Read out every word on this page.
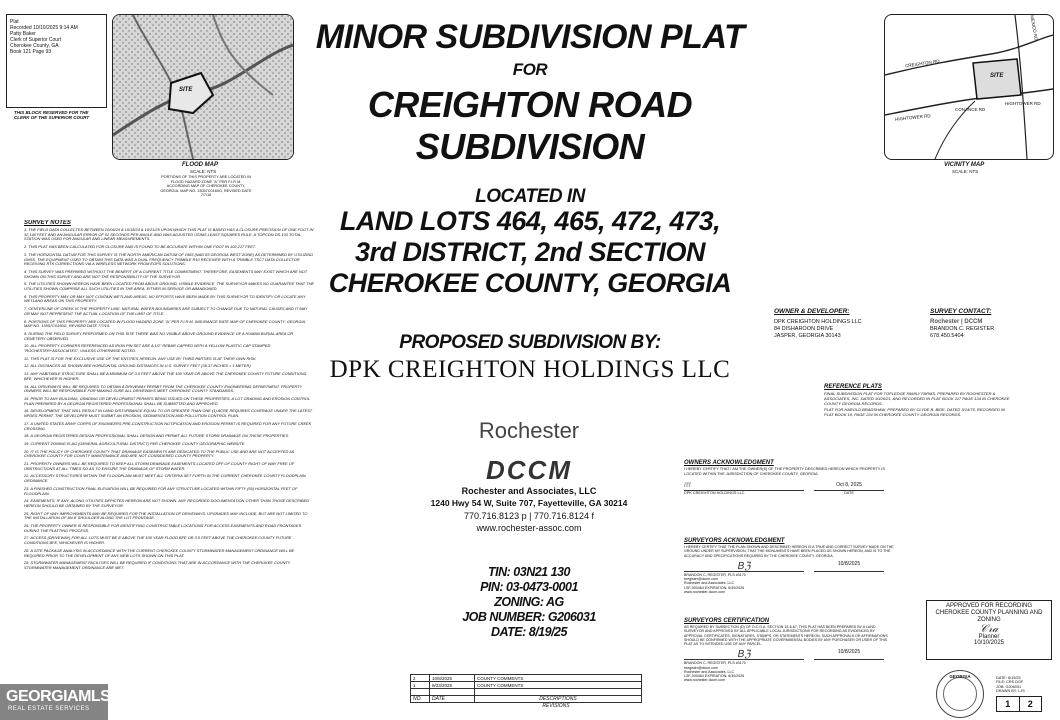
Plat
Recorded 10/10/2025 9:14 AM
Patty Baker
Clerk of Superior Court
Cherokee County, GA
Book 121 Page 93
THIS BLOCK RESERVED FOR THE CLERK OF THE SUPERIOR COURT
SITE
FLOOD MAP
SCALE: NTS
PORTIONS OF THIS PROPERTY ARE LOCATED IN FLOOD HAZARD ZONE "A" PER F.I.R.M. ACCORDING MAP OF CHEROKEE COUNTY, GEORGIA. MAP NO. 13057C0160G, REVISED DATE 7/7/16
MINOR SUBDIVISION PLAT
FOR
CREIGHTON ROAD
SUBDIVISION
LOCATED IN
LAND LOTS 464, 465, 472, 473,
3rd DISTRICT, 2nd SECTION
CHEROKEE COUNTY, GEORGIA
PROPOSED SUBDIVISION BY:
DPK CREIGHTON HOLDINGS LLC
SITE
CREIGHTON RD
HIGHTOWER RD
CONANCE RD
HIGHTOWER RD
MEXICO RD
VICINITY MAP
SCALE: NTS
SURVEY NOTES
1. THE FIELD DATA COLLECTED BETWEEN 10/04/24 & 10/18/24 & 10/21/25 UPON WHICH THIS PLAT IS BASED HAS A CLOSURE PRECISION OF ONE FOOT IN 32,140 FEET AND AN ANGULAR ERROR OF 02 SECONDS PER ANGLE AND WAS ADJUSTED USING LEAST SQUARES RULE. A TOPCON DS-103 TOTAL STATION WAS USED FOR ANGULAR AND LINEAR MEASUREMENTS.
2. THIS PLAT HAS BEEN CALCULATED FOR CLOSURE AND IS FOUND TO BE ACCURATE WITHIN ONE FOOT IN 102,217 FEET.
3. THE HORIZONTAL DATUM FOR THIS SURVEY IS THE NORTH AMERICAN DATUM OF 1983 (NAD 83 GEORGIA WEST ZONE) AS DETERMINED BY UTILIZING GNSS. THE EQUIPMENT USED TO OBTAIN THIS DATA WAS A DUAL FREQUENCY TRIMBLE R10 RECEIVER WITH A TRIMBLE TSC7 DATA COLLECTOR RECEIVING RTK CORRECTIONS VIA A WIRELESS NETWORK FROM EGPS SOLUTIONS.
4. THIS SURVEY WAS PREPARED WITHOUT THE BENEFIT OF A CURRENT TITLE COMMITMENT. THEREFORE, EASEMENTS MAY EXIST WHICH ARE NOT SHOWN ON THIS SURVEY AND ARE NOT THE RESPONSIBILITY OF THE SURVEYOR.
5. THE UTILITIES SHOWN HEREON HAVE BEEN LOCATED FROM ABOVE GROUND, VISIBLE EVIDENCE. THE SURVEYOR MAKES NO GUARANTEE THAT THE UTILITIES SHOWN COMPRISE ALL SUCH UTILITIES IN THE AREA, EITHER IN SERVICE OR ABANDONED.
6. THIS PROPERTY MAY OR MAY NOT CONTAIN WETLAND AREAS. NO EFFORTS HAVE BEEN MADE BY THIS SURVEYOR TO IDENTIFY OR LOCATE ANY WETLAND AREAS ON THIS PROPERTY.
7. CENTERLINE OF CREEK IS THE PROPERTY LINE. NATURAL WATER BOUNDARIES ARE SUBJECT TO CHANGE DUE TO NATURAL CAUSES AND IT MAY OR MAY NOT REPRESENT THE ACTUAL LOCATION OF THE LIMIT OF TITLE.
8. PORTIONS OF THIS PROPERTY ARE LOCATED IN FLOOD HAZARD ZONE "A" PER F.I.R.M. INSURANCE RATE MAP OF CHEROKEE COUNTY, GEORGIA. MAP NO. 13057C0160G, REVISED DATE 7/7/16.
9. DURING THE FIELD SURVEY PERFORMED ON THIS SITE THERE WAS NO VISIBLE ABOVE GROUND EVIDENCE OF A HUMAN BURIAL AREA OR CEMETERY OBSERVED.
10. ALL PROPERTY CORNERS REFERENCED AS IRON PIN SET ARE A 1/2" REBAR CAPPED WITH A YELLOW PLASTIC CAP STAMPED "ROCHESTER+ASSOCIATES", UNLESS OTHERWISE NOTED.
11. THIS PLAT IS FOR THE EXCLUSIVE USE OF THE ENTITIES HEREON. ANY USE BY THIRD PARTIES IS AT THEIR OWN RISK.
12. ALL DISTANCES AS SHOWN ARE HORIZONTAL GROUND DISTANCES IN U.S. SURVEY FEET (39.37 INCHES = 1 METER).
13. ANY HABITABLE STRUCTURE SHALL BE A MINIMUM OF 3.0 FEET ABOVE THE 100 YEAR OR ABOVE THE CHEROKEE COUNTY FUTURE CONDITIONS BFE, WHICHEVER IS HIGHER.
14. ALL DRIVEWAYS WILL BE REQUIRED TO OBTAIN A DRIVEWAY PERMIT FROM THE CHEROKEE COUNTY ENGINEERING DEPARTMENT. PROPERTY OWNERS WILL BE RESPONSIBLE FOR MAKING SURE ALL DRIVEWAYS MEET CHEROKEE COUNTY STANDARDS.
15. PRIOR TO ANY BUILDING, GRADING OR DEVELOPMENT PERMITS BEING ISSUED ON THESE PROPERTIES, A LOT GRADING AND EROSION CONTROL PLAN PREPARED BY A GEORGIA REGISTERED PROFESSIONAL SHALL BE SUBMITTED AND APPROVED.
16. DEVELOPMENT THAT WILL RESULT IN LAND DISTURBANCE EQUAL TO OR GREATER THAN ONE (1) ACRE REQUIRES COVERAGE UNDER THE LATEST NPDES PERMIT. THE DEVELOPER MUST SUBMIT AN EROSION, SEDIMENTATION AND POLLUTION CONTROL PLAN.
17. A UNITED STATES ARMY CORPS OF ENGINEERS PRE-CONSTRUCTION NOTIFICATION AND EROSION PERMIT IS REQUIRED FOR ANY FUTURE CREEK CROSSING.
18. A GEORGIA REGISTERED DESIGN PROFESSIONAL SHALL DESIGN AND PERMIT ALL FUTURE STORM DRAINAGE ON THESE PROPERTIES.
19. CURRENT ZONING IS AG (GENERAL AGRICULTURAL DISTRICT) PER CHEROKEE COUNTY GEOGRAPHIC WEBSITE.
20. IT IS THE POLICY OF CHEROKEE COUNTY THAT DRAINAGE EASEMENTS ARE DEDICATED TO THE PUBLIC USE AND ARE NOT ACCEPTED AS CHEROKEE COUNTY FOR COUNTY MAINTENANCE AND ARE NOT CONSIDERED COUNTY PROPERTY.
21. PROPERTY OWNERS WILL BE REQUIRED TO KEEP ALL STORM DRAINAGE EASEMENTS LOCATED OFF OF COUNTY RIGHT OF WAY FREE OF OBSTRUCTIONS AT ALL TIMES SO AS TO ENSURE THE DRAINAGE OF STORM WATER.
22. ACCESSORY STRUCTURES WITHIN THE FLOODPLAIN MUST MEET ALL CRITERIA SET FORTH IN THE CURRENT CHEROKEE COUNTY FLOODPLAIN ORDINANCE.
23. A FINISHED CONSTRUCTION FINAL ELEVATION WILL BE REQUIRED FOR ANY STRUCTURE LOCATED WITHIN FIFTY (50) HORIZONTAL FEET OF FLOODPLAIN.
24. EASEMENTS, IF ANY, ALONG UTILITIES DEPICTED HEREON ARE NOT SHOWN. ANY RECORDED DOCUMENTATION OTHER THAN THOSE DESCRIBED HEREON SHOULD BE OBTAINED BY THE SURVEYOR.
25. RIGHT OF WAY IMPROVEMENTS MAY BE REQUIRED FOR THE INSTALLATION OF DRIVEWAYS. UPGRADES MAY INCLUDE, BUT ARE NOT LIMITED TO THE INSTALLATION OF AN 8' SHOULDER ALONG THE LOT FRONTAGE.
26. THE PROPERTY OWNER IS RESPONSIBLE FOR IDENTIFYING CONSTRUCTABLE LOCATIONS FOR ACCESS EASEMENTS AND ROAD FRONTAGES DURING THE PLATTING PROCESS.
27. ACCESS (DRIVEWAY) FOR ALL LOTS MUST BE 8' ABOVE THE 100 YEAR FLOOD BFE OR 3.0 FEET ABOVE THE CHEROKEE COUNTY FUTURE CONDITIONS BFE, WHICHEVER IS HIGHER.
28. A SITE PACKAGE ANALYSIS IN ACCORDANCE WITH THE CURRENT CHEROKEE COUNTY STORMWATER MANAGEMENT ORDINANCE WILL BE REQUIRED PRIOR TO THE DEVELOPMENT OF ANY NEW LOTS SHOWN ON THIS PLAT.
29. STORMWATER MANAGEMENT FACILITIES WILL BE REQUIRED IF CONDITIONS THAT ARE IN ACCORDANCE WITH THE CHEROKEE COUNTY STORMWATER MANAGEMENT ORDINANCE ARE MET.
OWNER & DEVELOPER:
DPK CREIGHTON HOLDINGS LLC
84 DISHAROON DRIVE
JASPER, GEORGIA 30143
SURVEY CONTACT:
Rochester | DCCM
BRANDON C. REGISTER
678.450.5404
REFERENCE PLATS
FINAL SUBDIVISION PLAT FOR TOPLEDGE FAMILY FARMS, PREPARED BY ROCHESTER & ASSOCIATES, INC. DATED 10/26/21, AND RECORDED IN PLAT BOOK 117 PAGE 134 IN CHEROKEE COUNTY GEORGIA RECORDS.
PLAT FOR HAROLD BRADSHAW, PREPARED BY CLYDE B. BIDE, DATED 3/14/75, RECORDED IN PLAT BOOK 10, PAGE 224 IN CHEROKEE COUNTY GEORGIA RECORDS.
Rochester
DCCM
Rochester and Associates, LLC
1240 Hwy 54 W, Suite 707, Fayetteville, GA 30214
770.716.8123 p | 770.716.8124 f
www.rochester-assoc.com
TIN: 03N21 130
PIN: 03-0473-0001
ZONING: AG
JOB NUMBER: G206031
DATE: 8/19/25
OWNERS ACKNOWLEDGMENT
I HEREBY CERTIFY THAT I AM THE OWNER(S) OF THE PROPERTY DESCRIBED HEREON WHICH PROPERTY IS LOCATED WITHIN THE JURISDICTION OF CHEROKEE COUNTY, GEORGIA.
ℓℓℓ	Oct 8, 2025
DPK CREIGHTON HOLDINGS LLC	DATE
SURVEYORS ACKNOWLEDGMENT
I HEREBY CERTIFY THAT THE PLAN SHOWN AND DESCRIBED HEREON IS A TRUE AND CORRECT SURVEY MADE ON THE GROUND UNDER MY SUPERVISION, THAT THE MONUMENTS HAVE BEEN PLACED AS SHOWN HEREON, AND IS TO THE ACCURACY AND SPECIFICATIONS REQUIRED BY THE CHEROKEE COUNTY, GEORGIA.
Bℨ	10/8/2025
BRANDON C. REGISTER, PLS #3170
bregister@dccm.com
Rochester and Associates, LLC
LSF-000464 EXPIRATION: 6/30/2026
www.rochester-dccm.com
SURVEYORS CERTIFICATION
AS REQUIRED BY SUBSECTION (D) OF O.C.G.A. SECTION 15-6-67, THIS PLAT HAS BEEN PREPARED BY A LAND SURVEYOR AND APPROVED BY ALL APPLICABLE LOCAL JURISDICTIONS FOR RECORDING AS EVIDENCED BY APPROVAL CERTIFICATES, SIGNATURES, STAMPS, OR STATEMENTS HEREON. SUCH APPROVALS OR AFFIRMATIONS SHOULD BE CONFIRMED WITH THE APPROPRIATE GOVERNMENTAL BODIES BY ANY PURCHASER OR USER OF THIS PLAT AS TO INTENDED USE OF ANY PARCEL.
Bℨ	10/8/2025
BRANDON C. REGISTER, PLS #3170
bregister@dccm.com
Rochester and Associates, LLC
LSF-000464 EXPIRATION: 6/30/2026
www.rochester-dccm.com
APPROVED FOR RECORDING CHEROKEE COUNTY PLANNING AND ZONING
𝒞𝓇𝒶
Planner
10/10/2025
GEORGIA	DATE: 8/19/25
FILE: CRS.DGF
JOB: G206031
DRAWN BY: LJS
1	2
2	10/8/2025	COUNTY COMMENTS
1	9/23/2025	COUNTY COMMENTS

NO.	DATE	DESCRIPTIONS
REVISIONS
GEORGIAMLS
REAL ESTATE SERVICES
